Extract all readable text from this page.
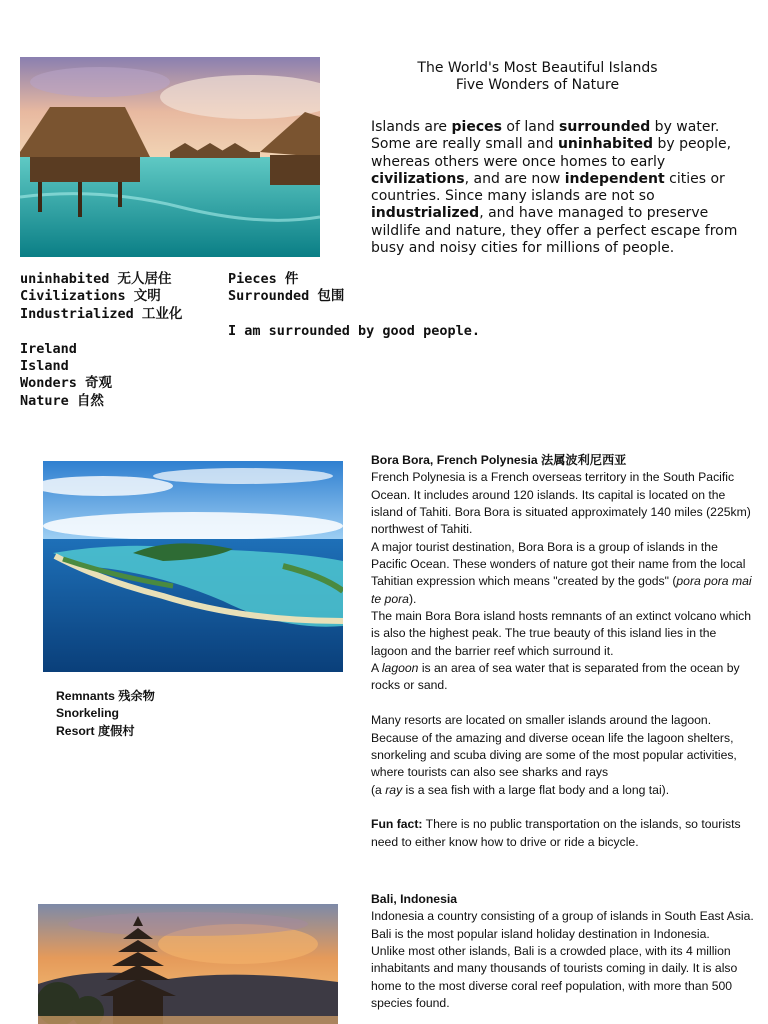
The World's Most Beautiful Islands
Five Wonders of Nature
Islands are pieces of land surrounded by water. Some are really small and uninhabited by people, whereas others were once homes to early civilizations, and are now independent cities or countries. Since many islands are not so industrialized, and have managed to preserve wildlife and nature, they offer a perfect escape from busy and noisy cities for millions of people.
uninhabited 无人居住
Civilizations 文明
Industrialized 工业化
Ireland
Island
Wonders 奇观
Nature 自然
Pieces 件
Surrounded 包围
I am surrounded by good people.
Remnants 残余物
Snorkeling
Resort 度假村

Bora Bora, French Polynesia 法属波利尼西亚

French Polynesia is a French overseas territory in the South Pacific Ocean. It includes around 120 islands. Its capital is located on the island of Tahiti. Bora Bora is situated approximately 140 miles (225km) northwest of Tahiti.

A major tourist destination, Bora Bora is a group of islands in the Pacific Ocean. These wonders of nature got their name from the local Tahitian expression which means "created by the gods" (pora pora mai te pora).

The main Bora Bora island hosts remnants of an extinct volcano which is also the highest peak. The true beauty of this island lies in the lagoon and the barrier reef which surround it.

A lagoon is an area of sea water that is separated from the ocean by rocks or sand.

Many resorts are located on smaller islands around the lagoon. Because of the amazing and diverse ocean life the lagoon shelters, snorkeling and scuba diving are some of the most popular activities, where tourists can also see sharks and rays

(a ray is a sea fish with a large flat body and a long tai).

Fun fact: There is no public transportation on the islands, so tourists need to either know how to drive or ride a bicycle.

Bali, Indonesia

Indonesia a country consisting of a group of islands in South East Asia. Bali is the most popular island holiday destination in Indonesia.

Unlike most other islands, Bali is a crowded place, with its 4 million inhabitants and many thousands of tourists coming in daily. It is also home to the most diverse coral reef population, with more than 500 species found.
